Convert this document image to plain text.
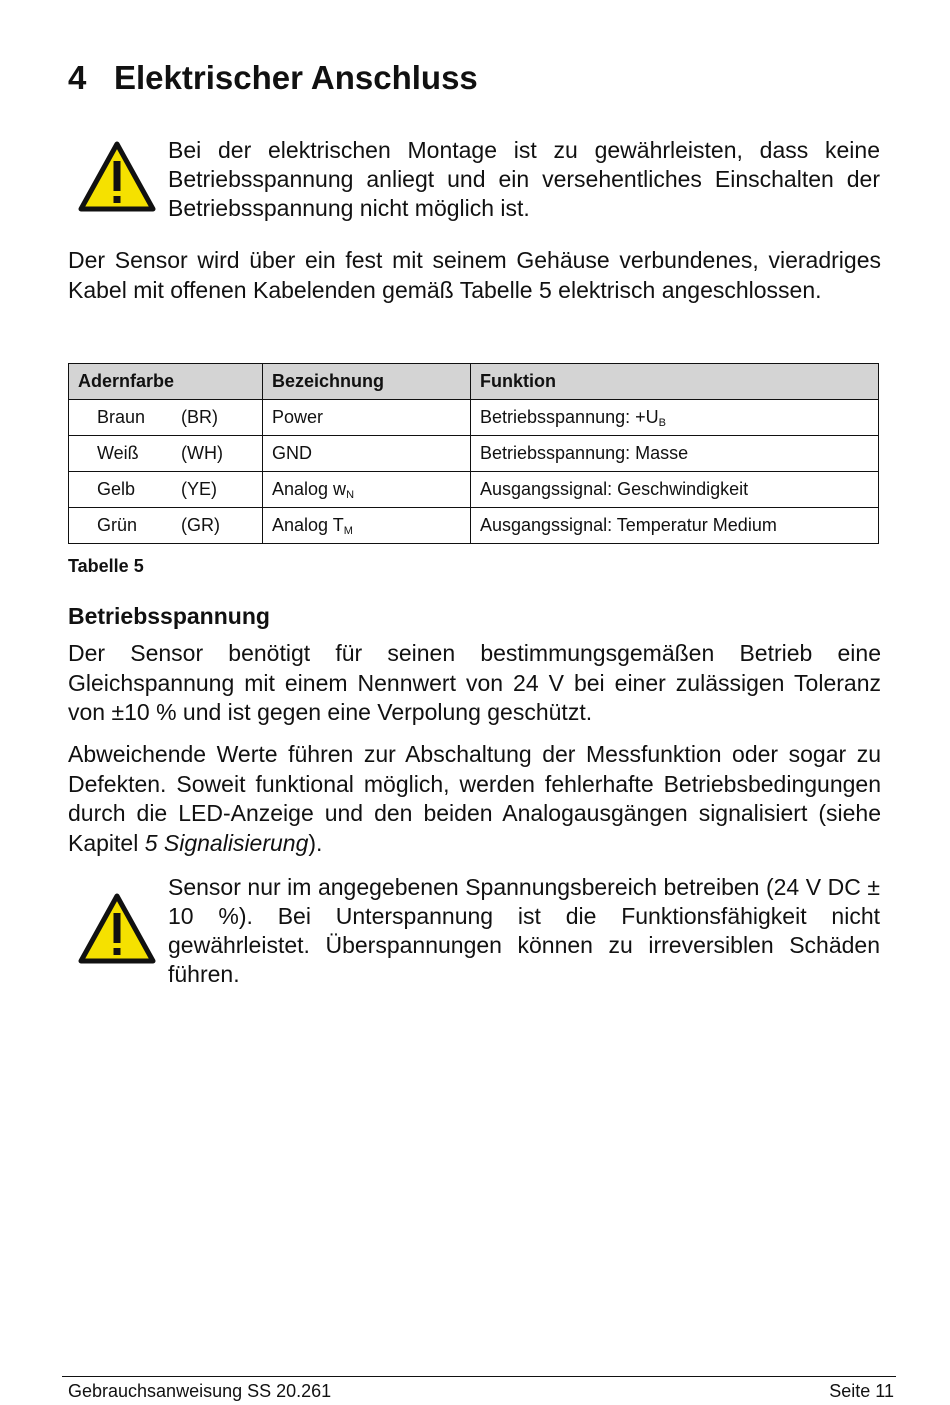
4 Elektrischer Anschluss

Bei der elektrischen Montage ist zu gewährleisten, dass keine Betriebsspannung anliegt und ein versehentliches Einschalten der Betriebsspannung nicht möglich ist.

Der Sensor wird über ein fest mit seinem Gehäuse verbundenes, vieradriges Kabel mit offenen Kabelenden gemäß Tabelle 5 elektrisch angeschlossen.

Adernfarbe	Bezeichnung	Funktion

Braun (BR)	Power	Betriebsspannung: $+U_B$

Weiß (WH)	GND	Betriebsspannung: Masse

Gelb (YE)	Analog $w_N$	Ausgangssignal: Geschwindigkeit

Grün (GR)	Analog $T_M$	Ausgangssignal: Temperatur Medium

Tabelle 5

Betriebsspannung

Der Sensor benötigt für seinen bestimmungsgemäßen Betrieb eine Gleichspannung mit einem Nennwert von 24 V bei einer zulässigen Toleranz von ±10 % und ist gegen eine Verpolung geschützt.

Abweichende Werte führen zur Abschaltung der Messfunktion oder sogar zu Defekten. Soweit funktional möglich, werden fehlerhafte Betriebsbedingungen durch die LED-Anzeige und den beiden Analogausgängen signalisiert (siehe Kapitel 5 Signalisierung).

Sensor nur im angegebenen Spannungsbereich betreiben (24 V DC ± 10 %). Bei Unterspannung ist die Funktionsfähigkeit nicht gewährleistet. Überspannungen können zu irreversiblen Schäden führen.

Gebrauchsanweisung SS 20.261	Seite 11
